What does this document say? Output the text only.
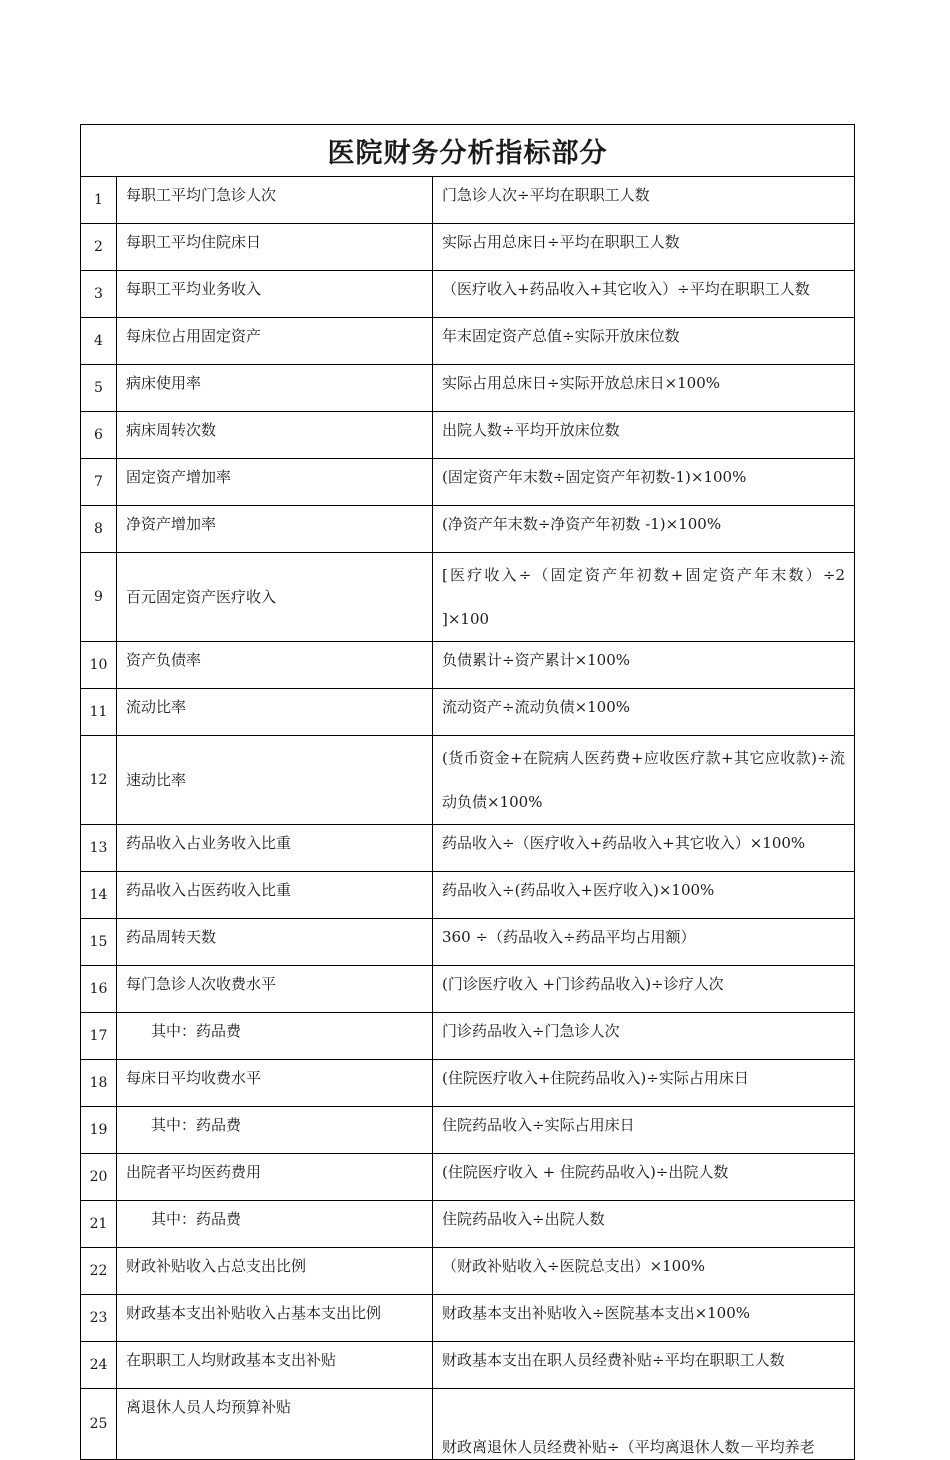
医院财务分析指标部分
1	每职工平均门急诊人次	门急诊人次÷平均在职职工人数
2	每职工平均住院床日	实际占用总床日÷平均在职职工人数
3	每职工平均业务收入	（医疗收入+药品收入+其它收入）÷平均在职职工人数
4	每床位占用固定资产	年末固定资产总值÷实际开放床位数
5	病床使用率	实际占用总床日÷实际开放总床日×100%
6	病床周转次数	出院人数÷平均开放床位数
7	固定资产增加率	(固定资产年末数÷固定资产年初数-1)×100%
8	净资产增加率	(净资产年末数÷净资产年初数 -1)×100%
9	百元固定资产医疗收入	[医疗收入÷（固定资产年初数+固定资产年末数）÷2 ]×100
10	资产负债率	负债累计÷资产累计×100%
11	流动比率	流动资产÷流动负债×100%
12	速动比率	(货币资金+在院病人医药费+应收医疗款+其它应收款)÷流动负债×100%
13	药品收入占业务收入比重	药品收入÷（医疗收入+药品收入+其它收入）×100%
14	药品收入占医药收入比重	药品收入÷(药品收入+医疗收入)×100%
15	药品周转天数	360 ÷（药品收入÷药品平均占用额）
16	每门急诊人次收费水平	(门诊医疗收入 +门诊药品收入)÷诊疗人次
17	其中：药品费	门诊药品收入÷门急诊人次
18	每床日平均收费水平	(住院医疗收入+住院药品收入)÷实际占用床日
19	其中：药品费	住院药品收入÷实际占用床日
20	出院者平均医药费用	(住院医疗收入 + 住院药品收入)÷出院人数
21	其中：药品费	住院药品收入÷出院人数
22	财政补贴收入占总支出比例	（财政补贴收入÷医院总支出）×100%
23	财政基本支出补贴收入占基本支出比例	财政基本支出补贴收入÷医院基本支出×100%
24	在职职工人均财政基本支出补贴	财政基本支出在职人员经费补贴÷平均在职职工人数
25	离退休人员人均预算补贴	财政离退休人员经费补贴÷（平均离退休人数－平均养老
